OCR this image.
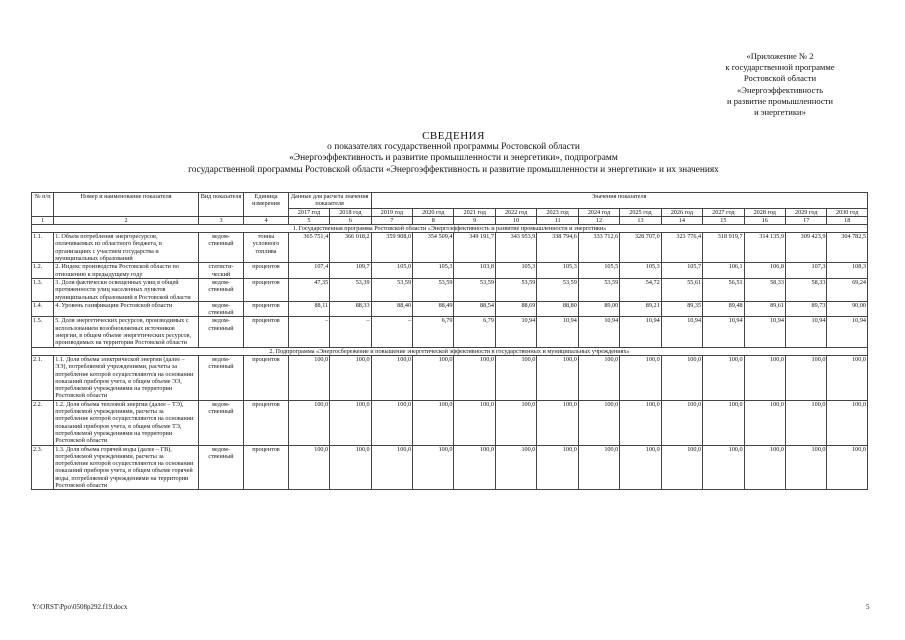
«Приложение № 2
к государственной программе
Ростовской области
«Энергоэффективность
и развитие промышленности
и энергетики»
СВЕДЕНИЯ
о показателях государственной программы Ростовской области
«Энергоэффективность и развитие промышленности и энергетики», подпрограмм
государственной программы Ростовской области «Энергоэффективность и развитие промышленности и энергетики» и их значениях
№ п/п	Номер и наименование показателя	Вид показателя	Единица измерения	Данные для расчета значения показателя		Значения показателя											
				2017 год	2018 год	2019 год	2020 год	2021 год	2022 год	2023 год	2024 год	2025 год	2026 год	2027 год	2028 год	2029 год	2030 год
1	2	3	4	5	6	7	8	9	10	11	12	13	14	15	16	17	18
1. Государственная программа Ростовской области «Энергоэффективность и развитие промышленности и энергетики»																	
1.1.	1. Объем потребления энергоресурсов, оплачиваемых из областного бюджета, в организациях с участием государства и муниципальных образований	ведом-ственный	тонны условного топлива	365 751,4	366 018,2	359 908,0	354 509,4	349 191,7	343 953,9	338 794,6	333 712,6	328 707,0	323 776,4	318 919,7	314 135,9	309 423,9	304 782,5
1.2.	2. Индекс производства Ростовской области по отношению к предыдущему году	статисти-ческий	процентов	107,4	109,7	105,0	105,3	103,8	105,3	105,3	105,5	105,3	105,7	106,1	106,8	107,3	108,3
1.3.	3. Доля фактически освещенных улиц в общей протяженности улиц населенных пунктов муниципальных образований в Ростовской области	ведом-ственный	процентов	47,35	53,39	53,59	53,59	53,59	53,59	53,59	53,59	54,72	55,61	56,51	58,33	58,33	69,24
1.4.	4. Уровень газификации Ростовской области	ведом-ственный	процентов	88,11	88,33	88,40	88,49	88,54	88,69	88,80	89,00	89,21	89,35	89,48	89,61	89,73	90,00
1.5.	5. Доля энергетических ресурсов, производимых с использованием возобновляемых источников энергии, в общем объеме энергетических ресурсов, производимых на территории Ростовской области	ведом-ственный	процентов	–	–	–	6,79	6,79	10,94	10,94	10,94	10,94	10,94	10,94	10,94	10,94	10,94
2. Подпрограмма «Энергосбережение и повышение энергетической эффективности в государственных и муниципальных учреждениях»																	
2.1.	1.1. Доля объема электрической энергии (далее – ЭЭ), потребляемой учреждениями, расчеты за потребление которой осуществляются на основании показаний приборов учета, в общем объеме ЭЭ, потребляемой учреждениями на территории Ростовской области	ведом-ственный	процентов	100,0	100,0	100,0	100,0	100,0	100,0	100,0	100,0	100,0	100,0	100,0	100,0	100,0	100,0
2.2.	1.2. Доля объема тепловой энергии (далее – ТЭ), потребляемой учреждениями, расчеты за потребление которой осуществляются на основании показаний приборов учета, в общем объеме ТЭ, потребляемой учреждениями на территории Ростовской области	ведом-ственный	процентов	100,0	100,0	100,0	100,0	100,0	100,0	100,0	100,0	100,0	100,0	100,0	100,0	100,0	100,0
2.3.	1.3. Доля объема горячей воды (далее – ГВ), потребляемой учреждениями, расчеты за потребление которой осуществляются на основании показаний приборов учета, в общем объеме горячей воды, потребляемой учреждениями на территории Ростовской области	ведом-ственный	процентов	100,0	100,0	100,0	100,0	100,0	100,0	100,0	100,0	100,0	100,0	100,0	100,0	100,0	100,0
Y:\ORST\Ppo\0508p292.f19.docx	5
